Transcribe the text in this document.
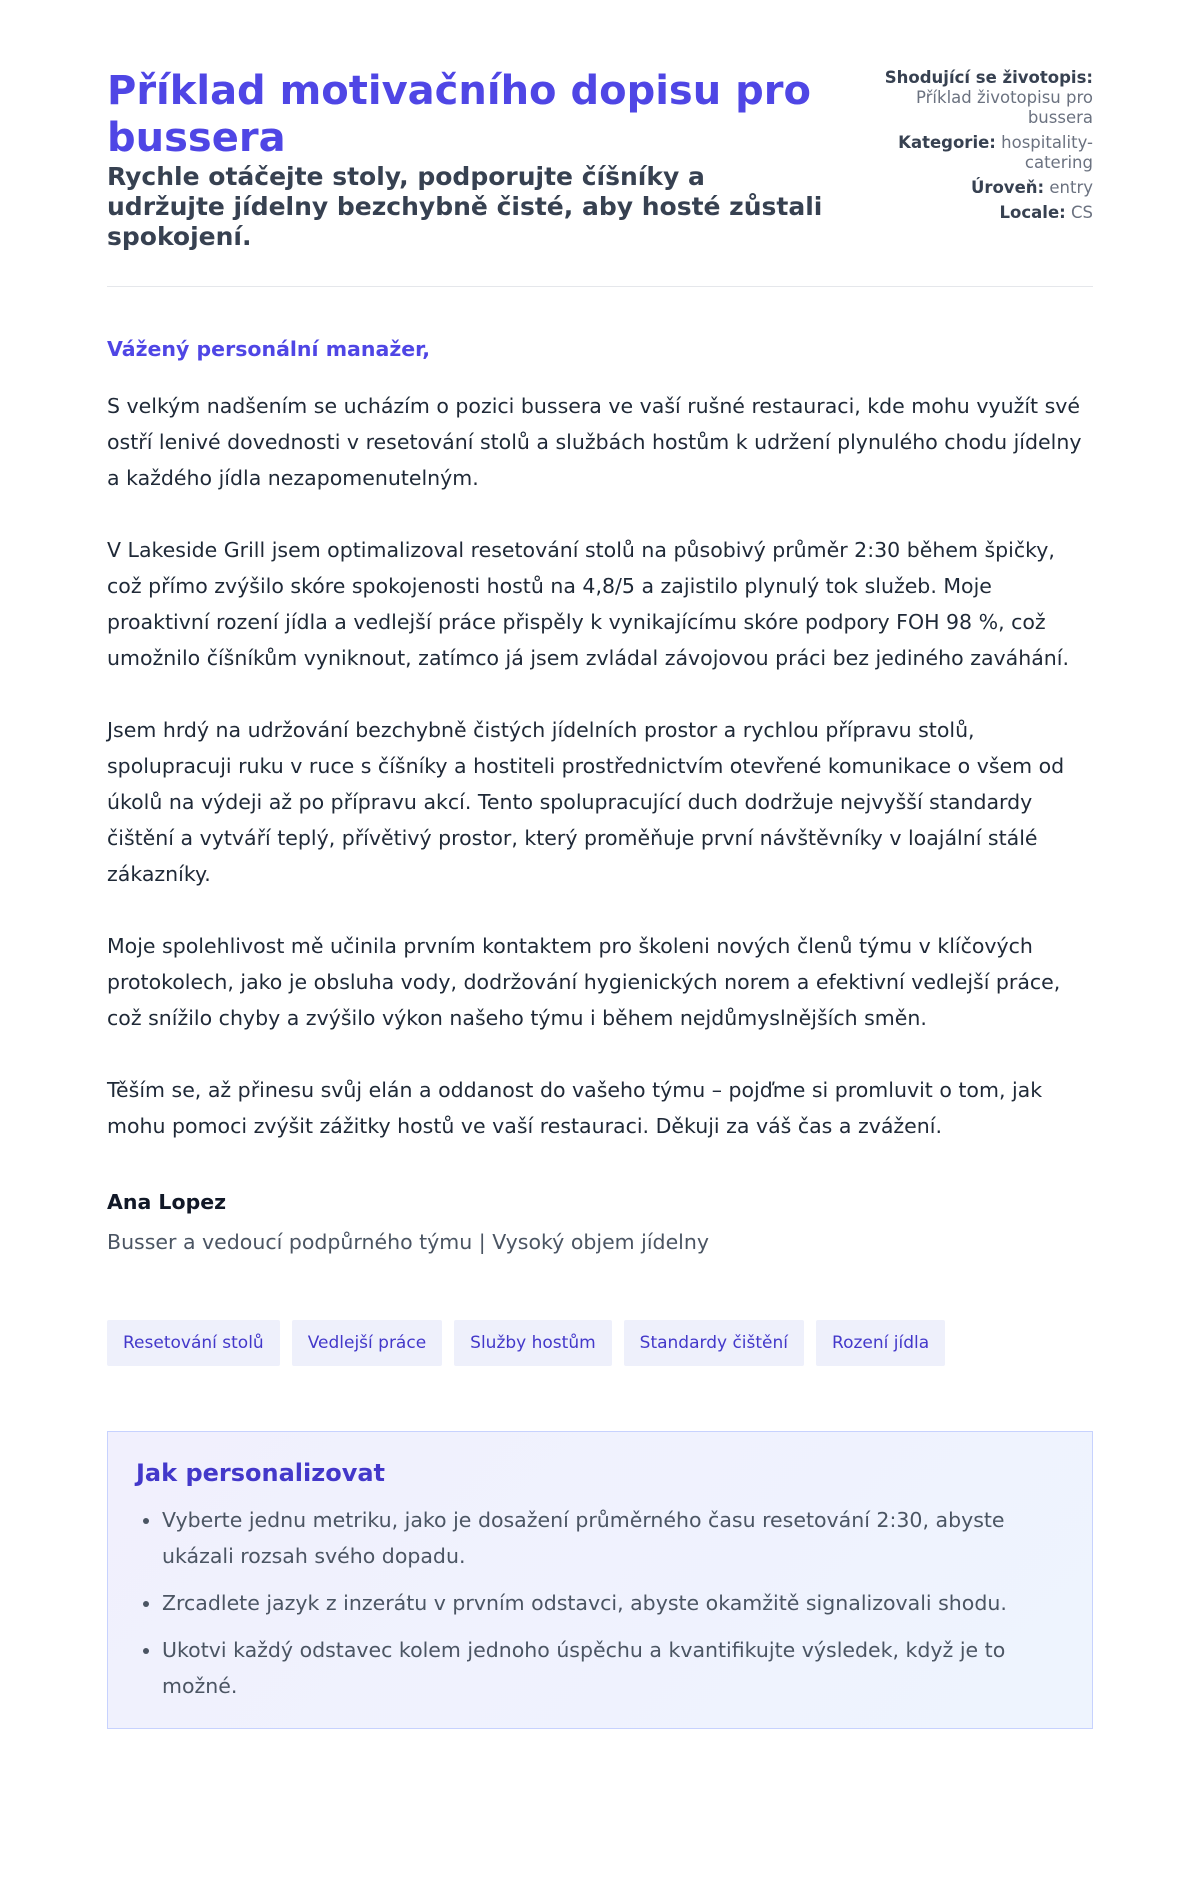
Příklad motivačního dopisu pro bussera

Rychle otáčejte stoly, podporujte číšníky a udržujte jídelny bezchybně čisté, aby hosté zůstali spokojení.

Shodující se životopis:
Příklad životopisu pro bussera
Kategorie: hospitality-catering
Úroveň: entry
Locale: CS

Vážený personální manažer,

S velkým nadšením se ucházím o pozici bussera ve vaší rušné restauraci, kde mohu využít své ostří lenivé dovednosti v resetování stolů a službách hostům k udržení plynulého chodu jídelny a každého jídla nezapomenutelným.

V Lakeside Grill jsem optimalizoval resetování stolů na působivý průměr 2:30 během špičky, což přímo zvýšilo skóre spokojenosti hostů na 4,8/5 a zajistilo plynulý tok služeb. Moje proaktivní rození jídla a vedlejší práce přispěly k vynikajícímu skóre podpory FOH 98 %, což umožnilo číšníkům vyniknout, zatímco já jsem zvládal závojovou práci bez jediného zaváhání.

Jsem hrdý na udržování bezchybně čistých jídelních prostor a rychlou přípravu stolů, spolupracuji ruku v ruce s číšníky a hostiteli prostřednictvím otevřené komunikace o všem od úkolů na výdeji až po přípravu akcí. Tento spolupracující duch dodržuje nejvyšší standardy čištění a vytváří teplý, přívětivý prostor, který proměňuje první návštěvníky v loajální stálé zákazníky.

Moje spolehlivost mě učinila prvním kontaktem pro školeni nových členů týmu v klíčových protokolech, jako je obsluha vody, dodržování hygienických norem a efektivní vedlejší práce, což snížilo chyby a zvýšilo výkon našeho týmu i během nejdůmyslnějších směn.

Těším se, až přinesu svůj elán a oddanost do vašeho týmu – pojďme si promluvit o tom, jak mohu pomoci zvýšit zážitky hostů ve vaší restauraci. Děkuji za váš čas a zvážení.

Ana Lopez
Busser a vedoucí podpůrného týmu | Vysoký objem jídelny
Resetování stolů	Vedlejší práce	Služby hostům	Standardy čištění	Rození jídla
Jak personalizovat
• Vyberte jednu metriku, jako je dosažení průměrného času resetování 2:30, abyste ukázali rozsah svého dopadu.
• Zrcadlete jazyk z inzerátu v prvním odstavci, abyste okamžitě signalizovali shodu.
• Ukotvi každý odstavec kolem jednoho úspěchu a kvantifikujte výsledek, když je to možné.
